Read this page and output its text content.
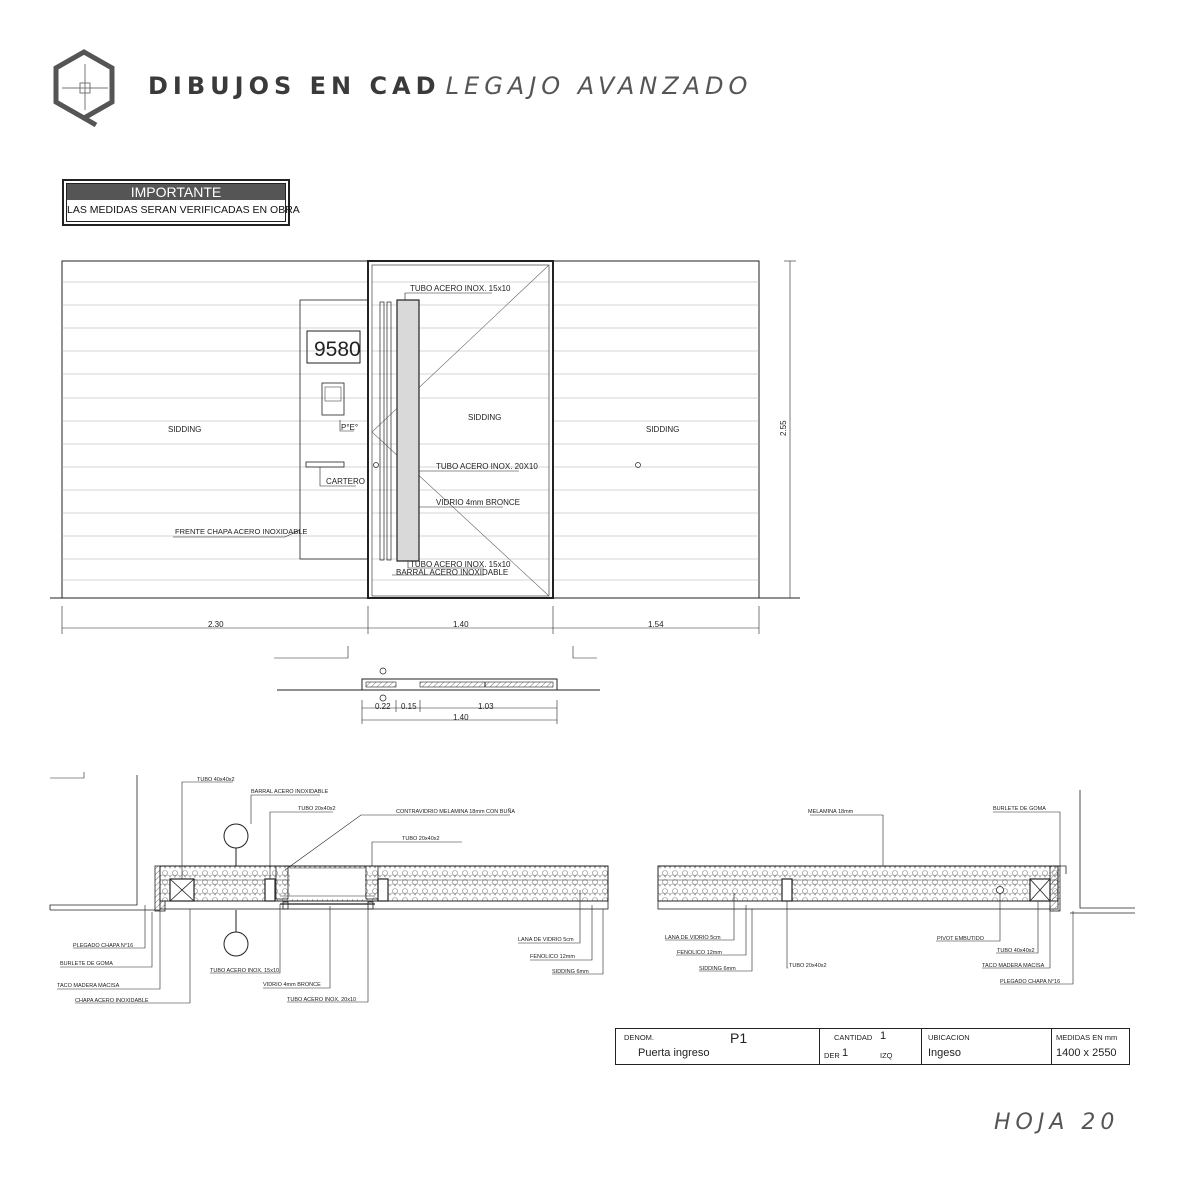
DIBUJOS EN CAD LEGAJO AVANZADO
IMPORTANTE
LAS MEDIDAS SERAN VERIFICADAS EN OBRA
9580
SIDDING
SIDDING
SIDDING
TUBO ACERO INOX. 15x10
TUBO ACERO INOX. 20X10
VIDRIO 4mm BRONCE
TUBO ACERO INOX. 15x10
BARRAL ACERO INOXIDABLE
FRENTE CHAPA ACERO INOXIDABLE
CARTERO
P°E°
2.30	1.40	1.54
2.55
0.22 0.15	1.03
1.40
TUBO 40x40x2
BARRAL ACERO INOXIDABLE
TUBO 20x40x2	CONTRAVIDRIO MELAMINA 18mm CON BUÑA
TUBO 20x40x2
PLEGADO CHAPA N°16
BURLETE DE GOMA
TACO MADERA MACISA
CHAPA ACERO INOXIDABLE
TUBO ACERO INOX. 15x10
VIDRIO 4mm BRONCE
TUBO ACERO INOX. 20x10
LANA DE VIDRIO 5cm
FENOLICO 12mm
SIDDING 6mm
MELAMINA 18mm	BURLETE DE GOMA
LANA DE VIDRIO 5cm
FENOLICO 12mm
SIDDING 6mm	TUBO 20x40x2
PIVOT EMBUTIDO
TUBO 40x40x2
TACO MADERA MACISA
PLEGADO CHAPA N°16
DENOM.	P1
Puerta ingreso
CANTIDAD 1
DER 1	IZQ
UBICACION
Ingeso
MEDIDAS EN mm
1400 x 2550
HOJA 20
